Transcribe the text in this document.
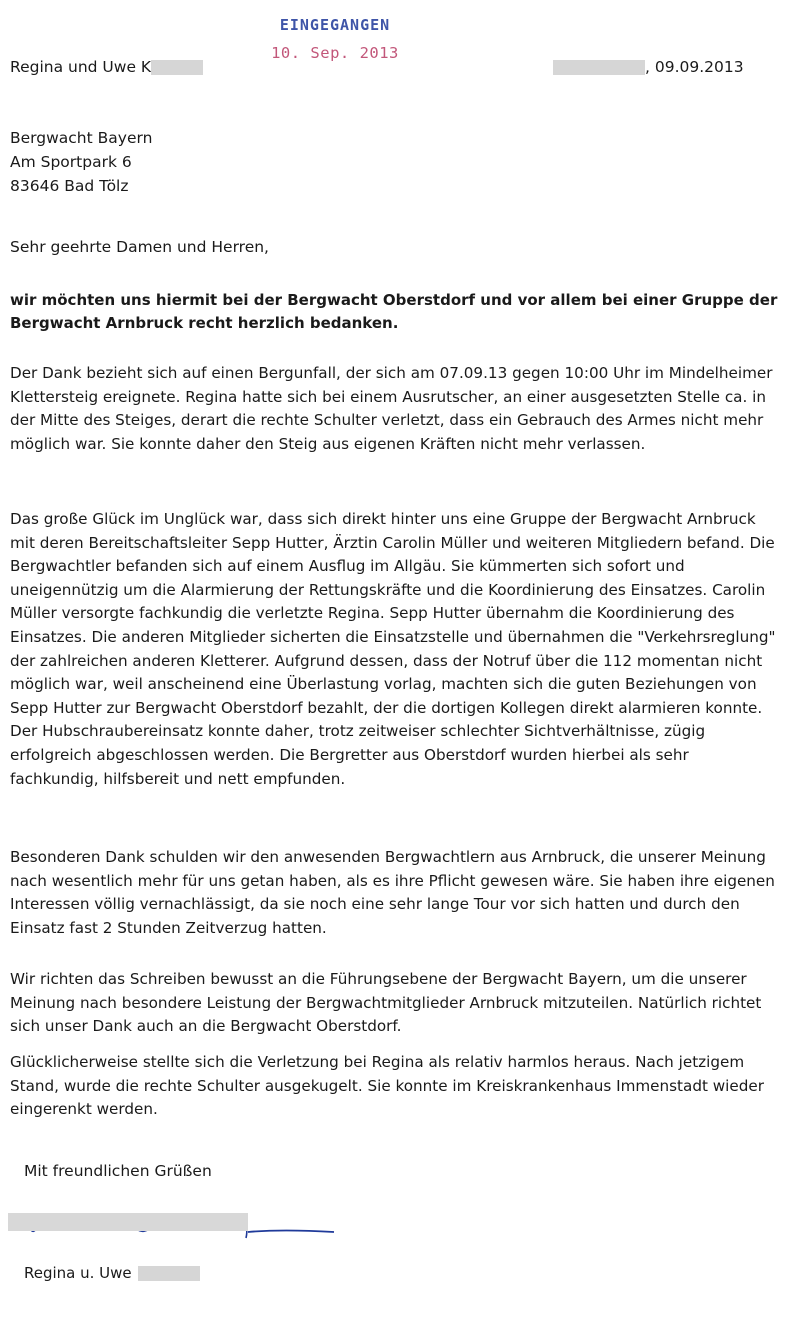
Regina und Uwe K
EINGEGANGEN
10. Sep. 2013
, 09.09.2013
Bergwacht Bayern
Am Sportpark 6
83646 Bad Tölz
Sehr geehrte Damen und Herren,
wir möchten uns hiermit bei der Bergwacht Oberstdorf und vor allem bei einer Gruppe der Bergwacht Arnbruck recht herzlich bedanken.
Der Dank bezieht sich auf einen Bergunfall, der sich am 07.09.13 gegen 10:00 Uhr im Mindelheimer Klettersteig ereignete. Regina hatte sich bei einem Ausrutscher, an einer ausgesetzten Stelle ca. in der Mitte des Steiges, derart die rechte Schulter verletzt, dass ein Gebrauch des Armes nicht mehr möglich war. Sie konnte daher den Steig aus eigenen Kräften nicht mehr verlassen.
Das große Glück im Unglück war, dass sich direkt hinter uns eine Gruppe der Bergwacht Arnbruck mit deren Bereitschaftsleiter Sepp Hutter, Ärztin Carolin Müller und weiteren Mitgliedern befand. Die Bergwachtler befanden sich auf einem Ausflug im Allgäu. Sie kümmerten sich sofort und uneigennützig um die Alarmierung der Rettungskräfte und die Koordinierung des Einsatzes. Carolin Müller versorgte fachkundig die verletzte Regina. Sepp Hutter übernahm die Koordinierung des Einsatzes. Die anderen Mitglieder sicherten die Einsatzstelle und übernahmen die "Verkehrsreglung" der zahlreichen anderen Kletterer. Aufgrund dessen, dass der Notruf über die 112 momentan nicht möglich war, weil anscheinend eine Überlastung vorlag, machten sich die guten Beziehungen von Sepp Hutter zur Bergwacht Oberstdorf bezahlt, der die dortigen Kollegen direkt alarmieren konnte. Der Hubschraubereinsatz konnte daher, trotz zeitweiser schlechter Sichtverhältnisse, zügig erfolgreich abgeschlossen werden. Die Bergretter aus Oberstdorf wurden hierbei als sehr fachkundig, hilfsbereit und nett empfunden.
Besonderen Dank schulden wir den anwesenden Bergwachtlern aus Arnbruck, die unserer Meinung nach wesentlich mehr für uns getan haben, als es ihre Pflicht gewesen wäre. Sie haben ihre eigenen Interessen völlig vernachlässigt, da sie noch eine sehr lange Tour vor sich hatten und durch den Einsatz fast 2 Stunden Zeitverzug hatten.
Wir richten das Schreiben bewusst an die Führungsebene der Bergwacht Bayern, um die unserer Meinung nach besondere Leistung der Bergwachtmitglieder Arnbruck mitzuteilen. Natürlich richtet sich unser Dank auch an die Bergwacht Oberstdorf.
Glücklicherweise stellte sich die Verletzung bei Regina als relativ harmlos heraus. Nach jetzigem Stand, wurde die rechte Schulter ausgekugelt. Sie konnte im Kreiskrankenhaus Immenstadt wieder eingerenkt werden.
Mit freundlichen Grüßen
Regina u. Uwe
